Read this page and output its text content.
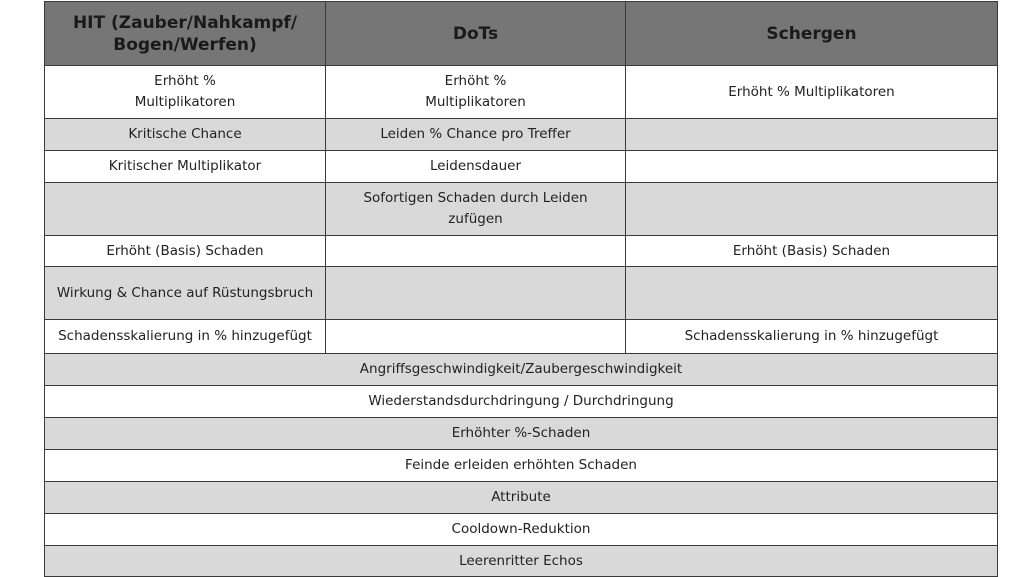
HIT (Zauber/Nahkampf/ Bogen/Werfen)	DoTs	Schergen

Erhöht % Multiplikatoren	Erhöht % Multiplikatoren	Erhöht % Multiplikatoren
Kritische Chance	Leiden % Chance pro Treffer	
Kritischer Multiplikator	Leidensdauer	

	Sofortigen Schaden durch Leiden zufügen	

Erhöht (Basis) Schaden		Erhöht (Basis) Schaden
Wirkung & Chance auf Rüstungsbruch		
Schadensskalierung in % hinzugefügt		Schadensskalierung in % hinzugefügt
Angriffsgeschwindigkeit/Zaubergeschwindigkeit		
Wiederstandsdurchdringung / Durchdringung		
Erhöhter %-Schaden		
Feinde erleiden erhöhten Schaden		
Attribute		
Cooldown-Reduktion		
Leerenritter Echos		
